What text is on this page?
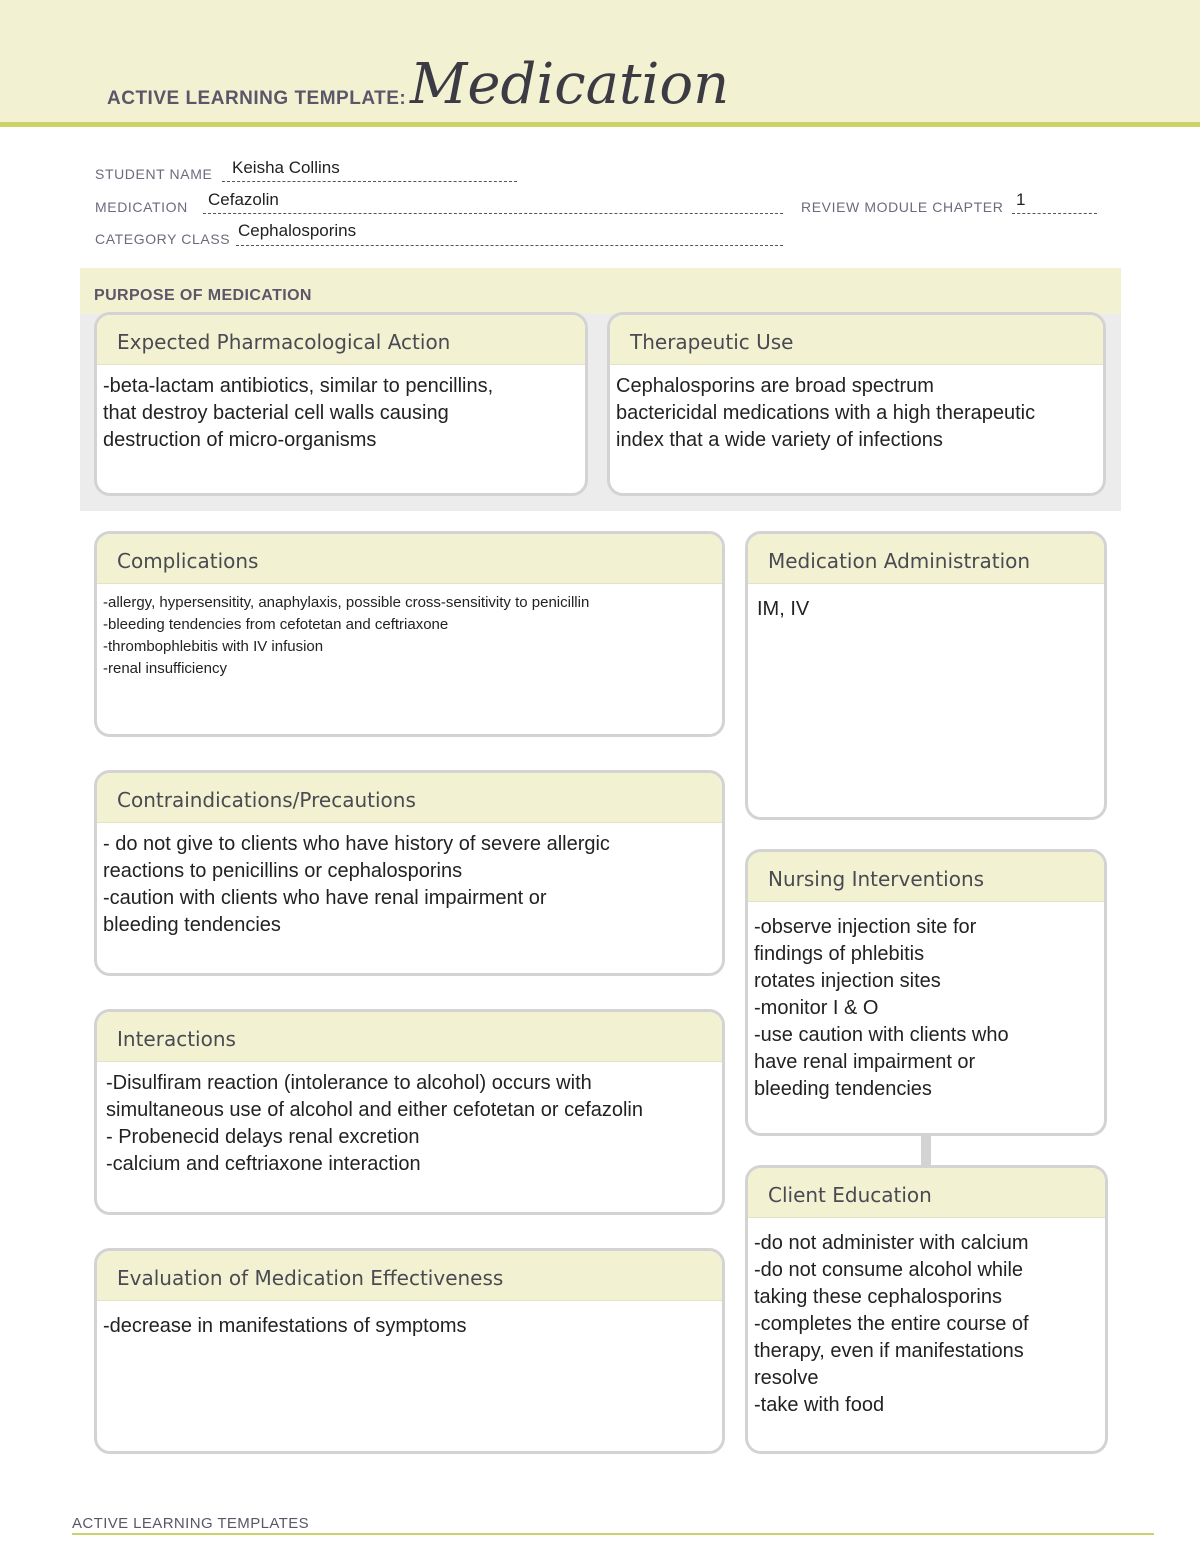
ACTIVE LEARNING TEMPLATE: Medication
STUDENT NAME Keisha Collins
MEDICATION Cefazolin	REVIEW MODULE CHAPTER 1
CATEGORY CLASS Cephalosporins
PURPOSE OF MEDICATION
Expected Pharmacological Action
-beta-lactam antibiotics, similar to pencillins,
that destroy bacterial cell walls causing
destruction of micro-organisms
Therapeutic Use
Cephalosporins are broad spectrum
bactericidal medications with a high therapeutic
index that a wide variety of infections
Complications
-allergy, hypersensitity, anaphylaxis, possible cross-sensitivity to penicillin
-bleeding tendencies from cefotetan and ceftriaxone
-thrombophlebitis with IV infusion
-renal insufficiency
Contraindications/Precautions
- do not give to clients who have history of severe allergic
reactions to penicillins or cephalosporins
-caution with clients who have renal impairment or
bleeding tendencies
Interactions
-Disulfiram reaction (intolerance to alcohol) occurs with
simultaneous use of alcohol and either cefotetan or cefazolin
- Probenecid delays renal excretion
-calcium and ceftriaxone interaction
Evaluation of Medication Effectiveness
-decrease in manifestations of symptoms
Medication Administration
IM, IV
Nursing Interventions
-observe injection site for
findings of phlebitis
rotates injection sites
-monitor I & O
-use caution with clients who
have renal impairment or
bleeding tendencies
Client Education
-do not administer with calcium
-do not consume alcohol while
taking these cephalosporins
-completes the entire course of
therapy, even if manifestations
resolve
-take with food
ACTIVE LEARNING TEMPLATES
